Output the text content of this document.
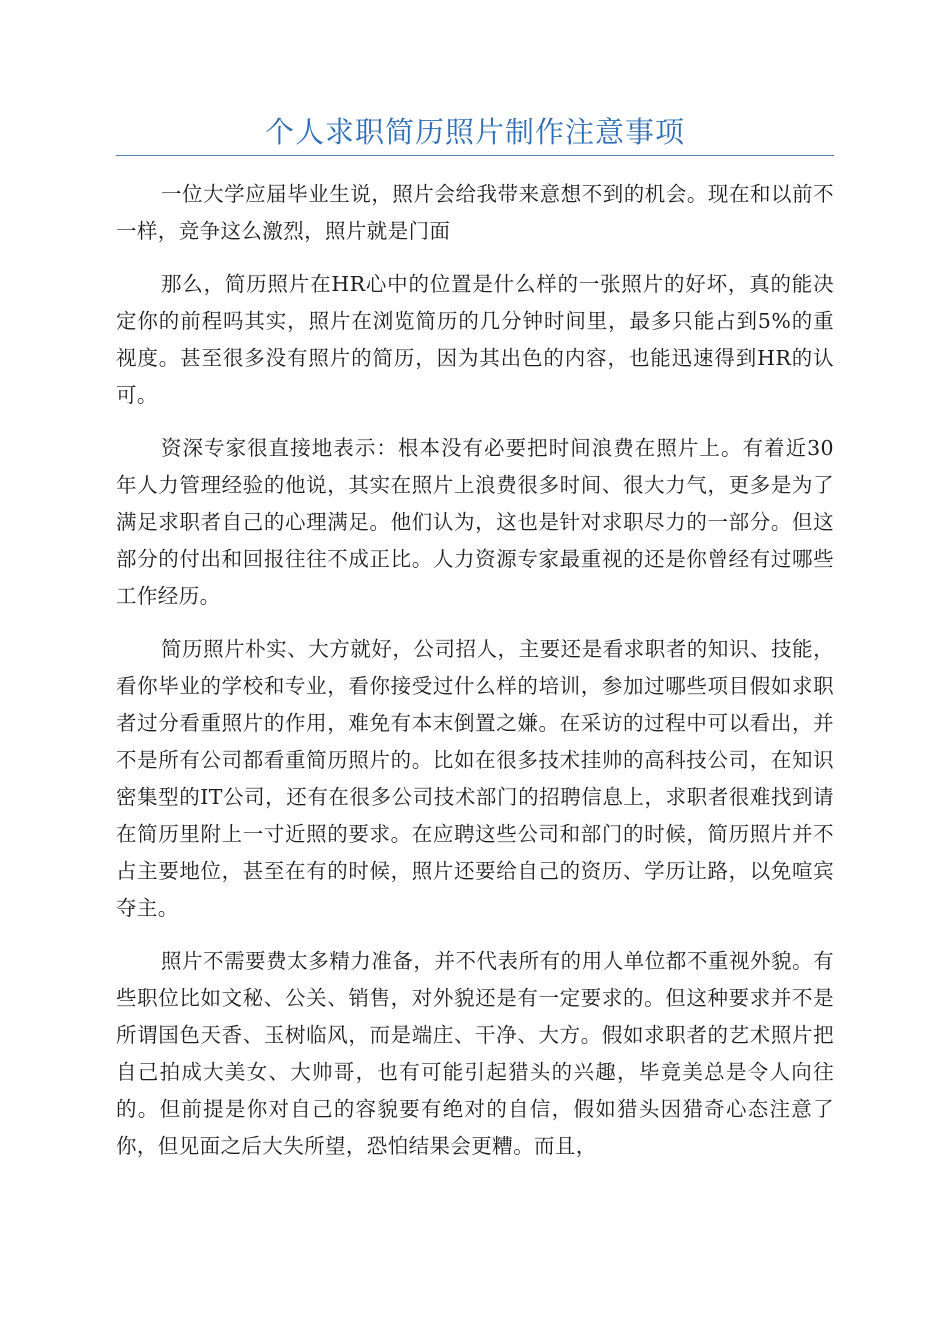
个人求职简历照片制作注意事项

一位大学应届毕业生说，照片会给我带来意想不到的机会。现在和以前不一样，竞争这么激烈，照片就是门面

那么，简历照片在HR心中的位置是什么样的一张照片的好坏，真的能决定你的前程吗其实，照片在浏览简历的几分钟时间里，最多只能占到5%的重视度。甚至很多没有照片的简历，因为其出色的内容，也能迅速得到HR的认可。

资深专家很直接地表示：根本没有必要把时间浪费在照片上。有着近30年人力管理经验的他说，其实在照片上浪费很多时间、很大力气，更多是为了满足求职者自己的心理满足。他们认为，这也是针对求职尽力的一部分。但这部分的付出和回报往往不成正比。人力资源专家最重视的还是你曾经有过哪些工作经历。

简历照片朴实、大方就好，公司招人，主要还是看求职者的知识、技能，看你毕业的学校和专业，看你接受过什么样的培训，参加过哪些项目假如求职者过分看重照片的作用，难免有本末倒置之嫌。在采访的过程中可以看出，并不是所有公司都看重简历照片的。比如在很多技术挂帅的高科技公司，在知识密集型的IT公司，还有在很多公司技术部门的招聘信息上，求职者很难找到请在简历里附上一寸近照的要求。在应聘这些公司和部门的时候，简历照片并不占主要地位，甚至在有的时候，照片还要给自己的资历、学历让路，以免喧宾夺主。

照片不需要费太多精力准备，并不代表所有的用人单位都不重视外貌。有些职位比如文秘、公关、销售，对外貌还是有一定要求的。但这种要求并不是所谓国色天香、玉树临风，而是端庄、干净、大方。假如求职者的艺术照片把自己拍成大美女、大帅哥，也有可能引起猎头的兴趣，毕竟美总是令人向往的。但前提是你对自己的容貌要有绝对的自信，假如猎头因猎奇心态注意了你，但见面之后大失所望，恐怕结果会更糟。而且，
